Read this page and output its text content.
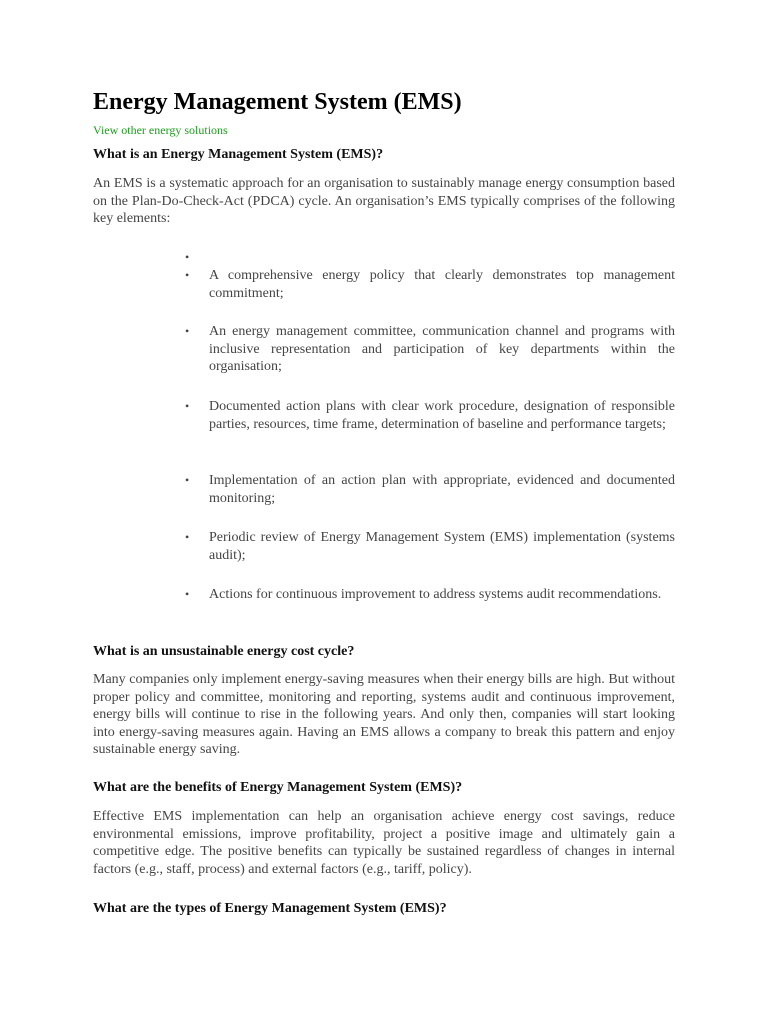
Energy Management System (EMS)
View other energy solutions
What is an Energy Management System (EMS)?

An EMS is a systematic approach for an organisation to sustainably manage energy consumption based on the Plan-Do-Check-Act (PDCA) cycle. An organisation’s EMS typically comprises of the following key elements:

•
• A comprehensive energy policy that clearly demonstrates top management commitment;
• An energy management committee, communication channel and programs with inclusive representation and participation of key departments within the organisation;
• Documented action plans with clear work procedure, designation of responsible parties, resources, time frame, determination of baseline and performance targets;
• Implementation of an action plan with appropriate, evidenced and documented monitoring;
• Periodic review of Energy Management System (EMS) implementation (systems audit);
• Actions for continuous improvement to address systems audit recommendations.
What is an unsustainable energy cost cycle?

Many companies only implement energy-saving measures when their energy bills are high. But without proper policy and committee, monitoring and reporting, systems audit and continuous improvement, energy bills will continue to rise in the following years. And only then, companies will start looking into energy-saving measures again. Having an EMS allows a company to break this pattern and enjoy sustainable energy saving.

What are the benefits of Energy Management System (EMS)?

Effective EMS implementation can help an organisation achieve energy cost savings, reduce environmental emissions, improve profitability, project a positive image and ultimately gain a competitive edge. The positive benefits can typically be sustained regardless of changes in internal factors (e.g., staff, process) and external factors (e.g., tariff, policy).

What are the types of Energy Management System (EMS)?
